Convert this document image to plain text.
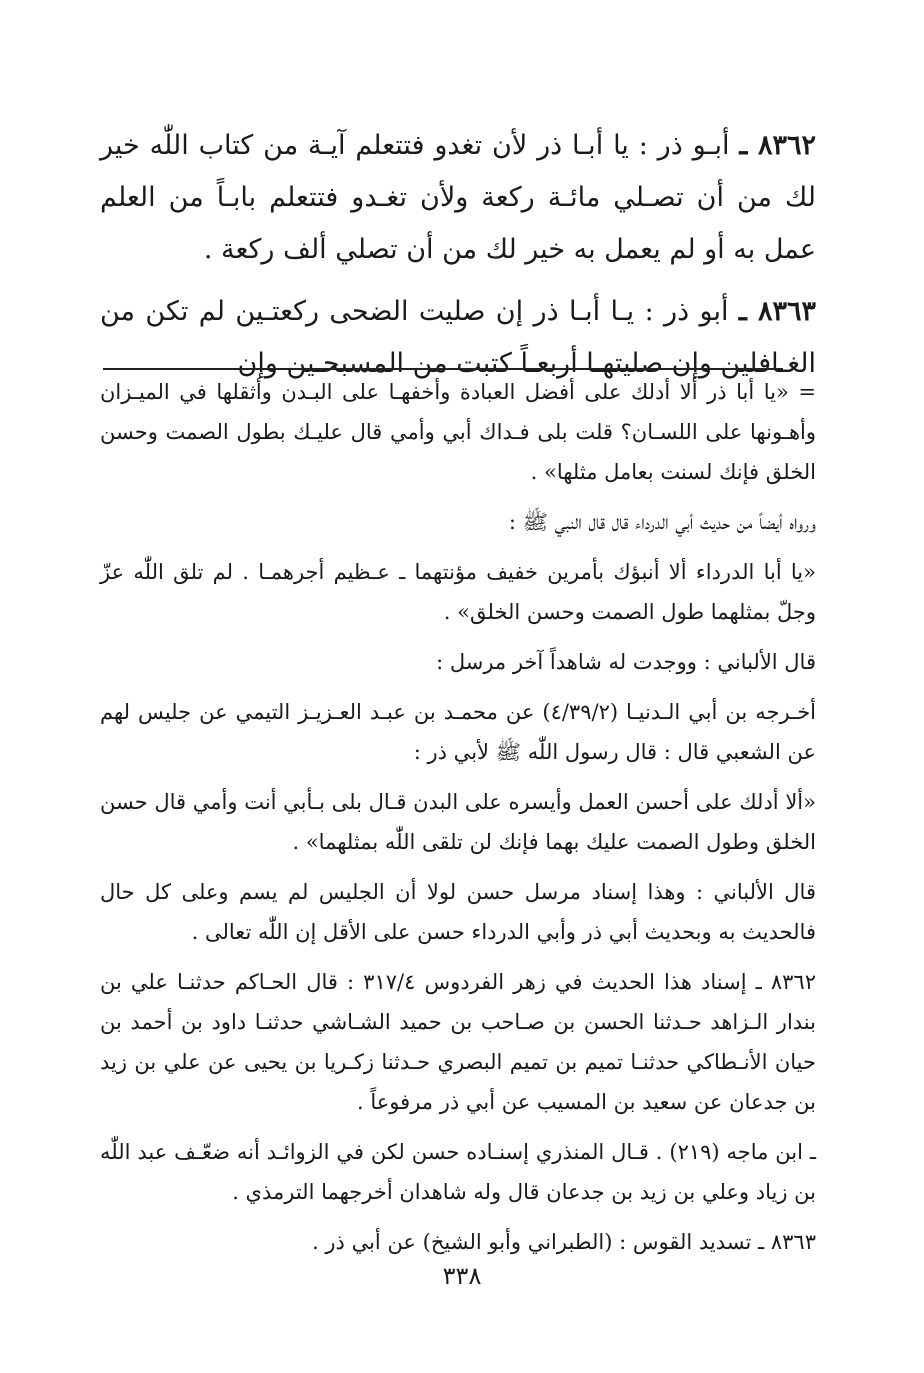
٨٣٦٢ ـ أبـو ذر : يا أبـا ذر لأن تغدو فتتعلم آيـة من كتاب اللّٰه خير لك من أن تصـلي مائـة ركعة ولأن تغـدو فتتعلم بابـاً من العلم عمل به أو لم يعمل به خير لك من أن تصلي ألف ركعة .

٨٣٦٣ ـ أبو ذر : يـا أبـا ذر إن صليت الضحى ركعتـين لم تكن من الغـافلين وإن صليتهـا أربعـاً كتبت من المسبحـين وإن

= «يا أبا ذر ألا أدلك على أفضل العبادة وأخفهـا على البـدن وأثقلها في الميـزان وأهـونها على اللسـان؟ قلت بلى فـداك أبي وأمي قال عليـك بطول الصمت وحسن الخلق فإنك لسنت بعامل مثلها» .

ورواه أيضاً من حديث أبي الدرداء قال قال النبي ﷺ :

«يا أبا الدرداء ألا أنبؤك بأمرين خفيف مؤنتهما ـ عـظيم أجرهمـا . لم تلق اللّٰه عزّ وجلّ بمثلهما طول الصمت وحسن الخلق» .

قال الألباني : ووجدت له شاهداً آخر مرسل :

أخـرجه بن أبي الـدنيـا (٤/٣٩/٢) عن محمـد بن عبـد العـزيـز التيمي عن جليس لهم عن الشعبي قال : قال رسول اللّٰه ﷺ لأبي ذر :

«ألا أدلك على أحسن العمل وأيسره على البدن قـال بلى بـأبي أنت وأمي قال حسن الخلق وطول الصمت عليك بهما فإنك لن تلقى اللّٰه بمثلهما» .

قال الألباني : وهذا إسناد مرسل حسن لولا أن الجليس لم يسم وعلى كل حال فالحديث به وبحديث أبي ذر وأبي الدرداء حسن على الأقل إن اللّٰه تعالى .

٨٣٦٢ ـ إسناد هذا الحديث في زهر الفردوس ٣١٧/٤ : قال الحـاكم حدثنـا علي بن بندار الـزاهد حـدثنا الحسن بن صـاحب بن حميد الشـاشي حدثنـا داود بن أحمد بن حيان الأنـطاكي حدثنـا تميم بن تميم البصري حـدثنا زكـريا بن يحيى عن علي بن زيد بن جدعان عن سعيد بن المسيب عن أبي ذر مرفوعاً .

ـ ابن ماجه (٢١٩) . قـال المنذري إسنـاده حسن لكن في الزوائـد أنه ضعّـف عبد اللّٰه بن زياد وعلي بن زيد بن جدعان قال وله شاهدان أخرجهما الترمذي .

٨٣٦٣ ـ تسديد القوس : (الطبراني وأبو الشيخ) عن أبي ذر .

٣٣٨
